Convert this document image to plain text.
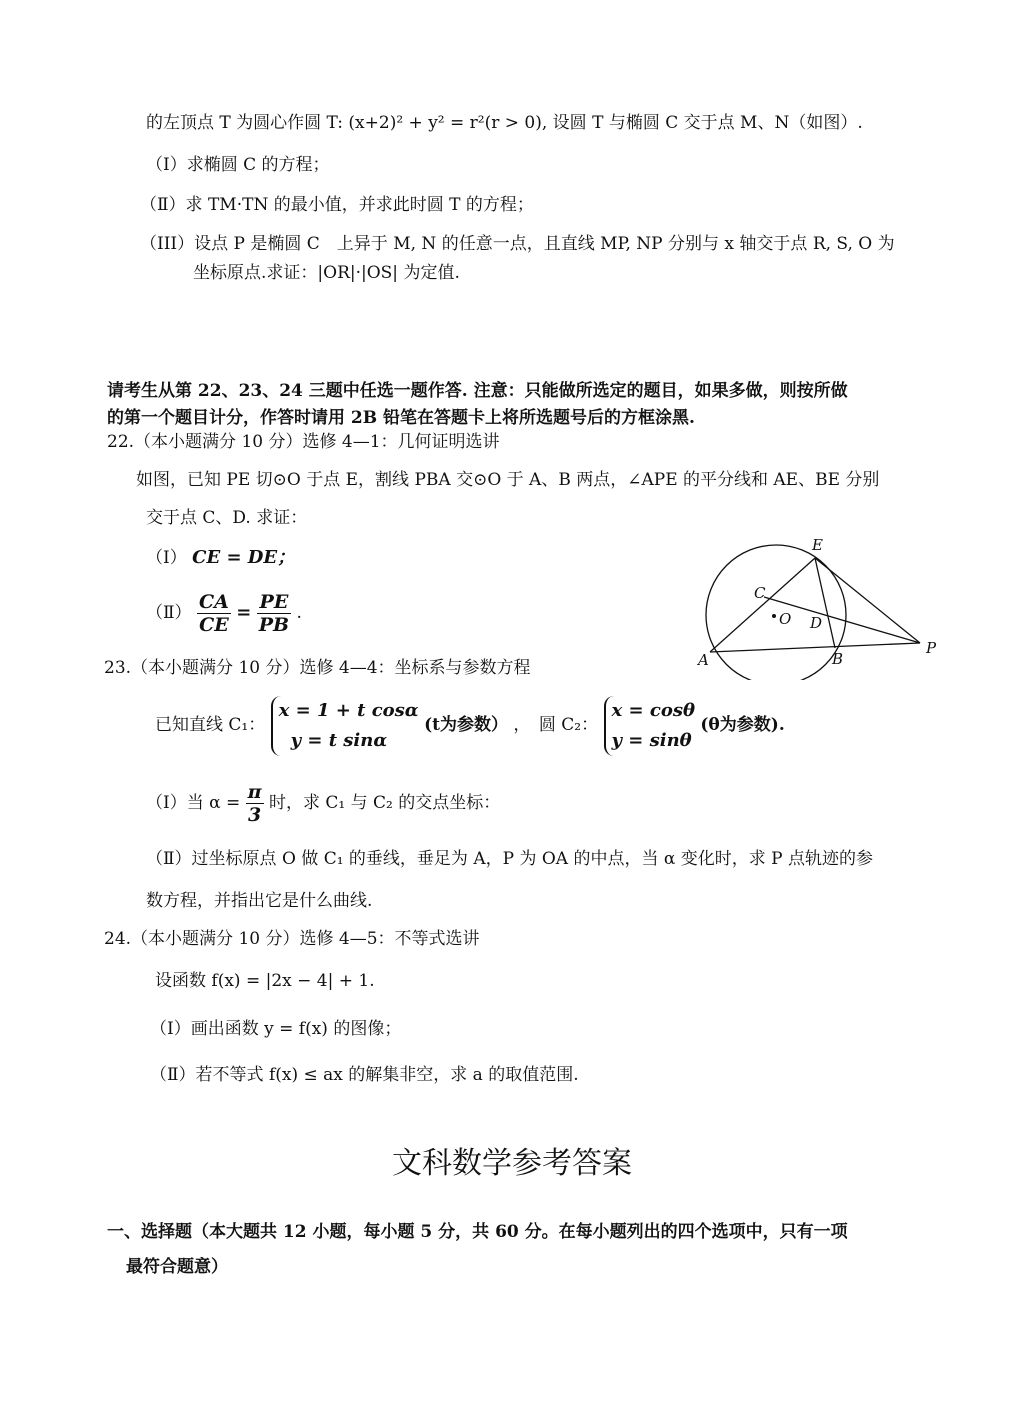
的左顶点 T 为圆心作圆 T: (x+2)² + y² = r²(r > 0), 设圆 T 与椭圆 C 交于点 M、N（如图）.
（Ⅰ）求椭圆 C 的方程；
（Ⅱ）求 TM·TN 的最小值，并求此时圆 T 的方程；
（III）设点 P 是椭圆 C　上异于 M, N 的任意一点，且直线 MP, NP 分别与 x 轴交于点 R, S, O 为
坐标原点.求证：|OR|·|OS| 为定值.
请考生从第 22、23、24 三题中任选一题作答. 注意：只能做所选定的题目，如果多做，则按所做
的第一个题目计分，作答时请用 2B 铅笔在答题卡上将所选题号后的方框涂黑.
22.（本小题满分 10 分）选修 4—1：几何证明选讲
如图，已知 PE 切⊙O 于点 E，割线 PBA 交⊙O 于 A、B 两点，∠APE 的平分线和 AE、BE 分别
交于点 C、D. 求证：
（Ⅰ） CE = DE；
（Ⅱ） $\frac{CA}{CE} = \frac{PE}{PB}$ .
E
C
O D
A	B
P
23.（本小题满分 10 分）选修 4—4：坐标系与参数方程
已知直线 C₁：
x = 1 + t cosα
y = t sinα
(t为参数） ，　圆 C₂：
x = cosθ
y = sinθ
(θ为参数).
（Ⅰ）当 $\alpha = \frac{\pi}{3}$ 时，求 C₁ 与 C₂ 的交点坐标：
（Ⅱ）过坐标原点 O 做 C₁ 的垂线，垂足为 A，P 为 OA 的中点，当 α 变化时，求 P 点轨迹的参
数方程，并指出它是什么曲线.
24.（本小题满分 10 分）选修 4—5：不等式选讲
设函数 f(x) = |2x − 4| + 1.
（Ⅰ）画出函数 y = f(x) 的图像；
（Ⅱ）若不等式 f(x) ≤ ax 的解集非空，求 a 的取值范围.
文科数学参考答案
一、选择题（本大题共 12 小题，每小题 5 分，共 60 分。在每小题列出的四个选项中，只有一项
最符合题意）
